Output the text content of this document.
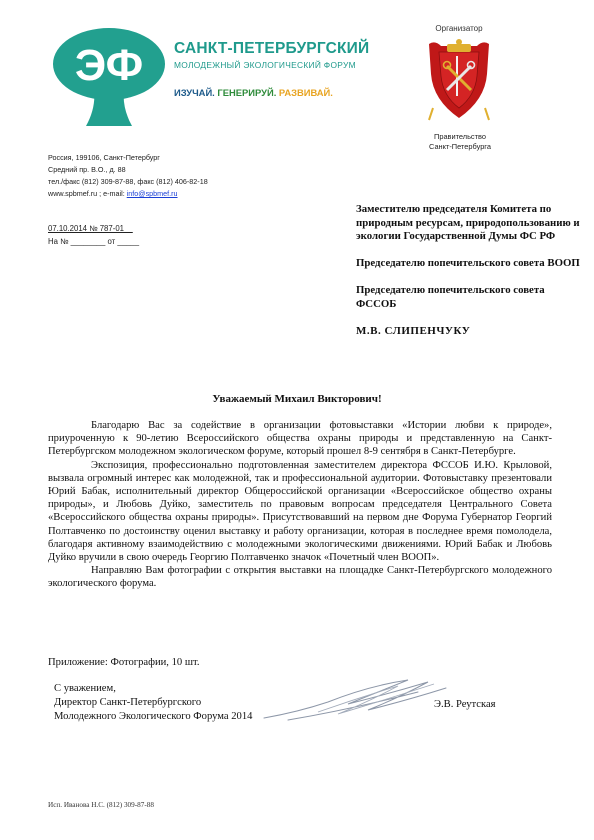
ЭФ САНКТ-ПЕТЕРБУРГСКИЙ
МОЛОДЕЖНЫЙ ЭКОЛОГИЧЕСКИЙ ФОРУМ
ИЗУЧАЙ. ГЕНЕРИРУЙ. РАЗВИВАЙ.
Организатор
Правительство
Санкт-Петербурга
Россия, 199106, Санкт-Петербург
Средний пр. В.О., д. 88
тел./факс (812) 309-87-88, факс (812) 406-82-18
www.spbmef.ru ; e-mail: info@spbmef.ru
07.10.2014 № 787-01__
На № ________ от _____

Заместителю председателя Комитета по природным ресурсам, природопользованию и экологии Государственной Думы ФС РФ

Председателю попечительского совета ВООП

Председателю попечительского совета ФССОБ

М.В. СЛИПЕНЧУКУ

Уважаемый Михаил Викторович!

Благодарю Вас за содействие в организации фотовыставки «Истории любви к природе», приуроченную к 90-летию Всероссийского общества охраны природы и представленную на Санкт-Петербургском молодежном экологическом форуме, который прошел 8-9 сентября в Санкт-Петербурге.

Экспозиция, профессионально подготовленная заместителем директора ФССОБ И.Ю. Крыловой, вызвала огромный интерес как молодежной, так и профессиональной аудитории. Фотовыставку презентовали Юрий Бабак, исполнительный директор Общероссийской организации «Всероссийское общество охраны природы», и Любовь Дуйко, заместитель по правовым вопросам председателя Центрального Совета «Всероссийского общества охраны природы». Присутствовавший на первом дне Форума Губернатор Георгий Полтавченко по достоинству оценил выставку и работу организации, которая в последнее время помолодела, благодаря активному взаимодействию с молодежными экологическими движениями. Юрий Бабак и Любовь Дуйко вручили в свою очередь Георгию Полтавченко значок «Почетный член ВООП».

Направляю Вам фотографии с открытия выставки на площадке Санкт-Петербургского молодежного экологического форума.

Приложение: Фотографии, 10 шт.
С уважением,
Директор Санкт-Петербургского
Молодежного Экологического Форума 2014
Э.В. Реутская
Исп. Иванова Н.С. (812) 309-87-88
